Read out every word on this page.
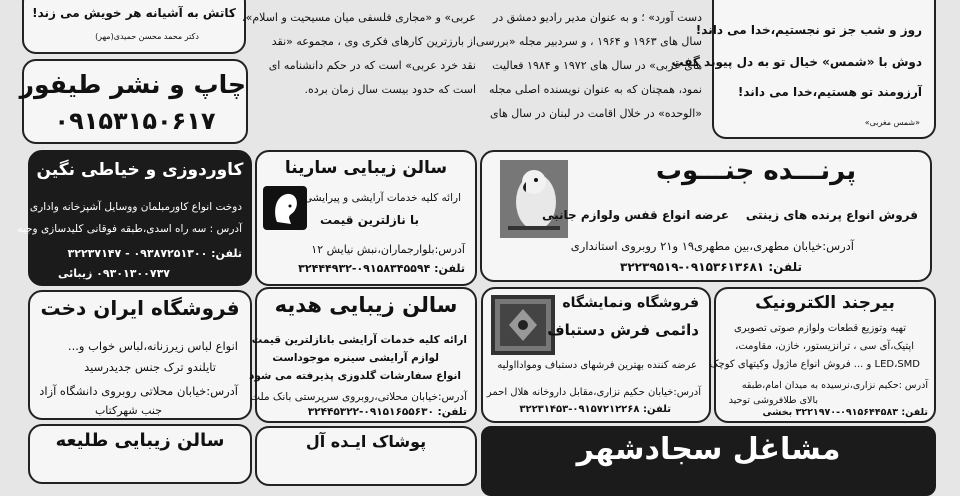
کاتش به آشیانه هر خویش می زند!
دکتر محمد محسن حمیدی(مهر)
چاپ و نشر طیفور
۰۹۱۵۳۱۵۰۶۱۷
عربی» و «مجاری فلسفی میان مسیحیت و اسلام»،
از بارزترین کارهای فکری وی ، مجموعه «نقد
نقد خرد عربی» است که در حکم دانشنامه ای
است که حدود بیست سال زمان برده.
دست آورد» ؛ و به عنوان مدیر رادیو دمشق در
سال های ۱۹۶۳ و ۱۹۶۴ ، و سردبیر مجله «بررسی
های عربی» در سال های ۱۹۷۲ و ۱۹۸۴ فعالیت
نمود، همچنان که به عنوان نویسنده اصلی مجله
«الوحده» در خلال اقامت در لبنان در سال های
روز و شب جز تو نجستیم،خدا می داند!
دوش با «شمس» خیال تو به دل پیوند گفت
آرزومند تو هستیم،خدا می داند!
«شمس مغربی»
کاوردوزی و خیاطی نگین
دوخت انواع کاورمبلمان ووسایل آشپزخانه واداری
آدرس : سه راه اسدی،طبقه فوقانی کلیدسازی وجیه
تلفن: ۰۹۳۸۷۲۵۱۳۰۰ - ۳۲۲۳۷۱۴۷
۰۹۳۰۱۳۰۰۷۳۷ زیبائی
سالن زیبایی سارینا
ارائه کلیه خدمات آرایشی و پیرایشی
با نازلترین قیمت
آدرس:بلوارجماران،نبش نیایش ۱۲
تلفن: ۰۹۱۵۸۳۴۵۵۹۴-۳۲۴۴۴۹۳۲
پرنـــده جنـــوب
فروش انواع پرنده های زینتی    عرضه انواع قفس ولوازم جانبی
آدرس:خیابان مطهری،بین مطهری۱۹ و۲۱ روبروی استانداری
تلفن: ۰۹۱۵۳۶۱۳۶۸۱-۳۲۲۳۹۵۱۹
فروشگاه ایران دخت
انواع لباس زیرزنانه،لباس خواب و...
تایلندو ترک جنس جدیدرسید
آدرس:خیابان محلاتی روبروی دانشگاه آزاد
جنب شهرکتاب
سالن زیبایی هدیه
ارائه کلیه خدمات آرایشی بانازلترین قیمت
لوازم آرایشی سینره موجوداست
انواع سفارشات گلدوزی پذیرفته می شود
آدرس:خیابان محلاتی،روبروی سرپرستی بانک ملت
تلفن: ۰۹۱۵۱۶۵۵۶۳۰-۳۲۴۴۵۳۲۲
فروشگاه ونمایشگاه
دائمی فرش دستباف
عرضه کننده بهترین فرشهای دستباف وموادااولیه
آدرس:خیابان حکیم نزاری،مقابل داروخانه هلال احمر
تلفن: ۰۹۱۵۷۲۱۲۲۶۸-۳۲۲۳۱۴۵۳
بیرجند الکترونیک
تهیه وتوزیع قطعات ولوازم صوتی تصویری
اپتیک،آی سی ، ترانزیستور، خازن، مقاومت،
LED،SMD و ... فروش انواع ماژول وکیتهای کوچک
آدرس :حکیم نزاری،نرسیده به میدان امام،طبقه
بالای طلافروشی توحید
تلفن: ۰۹۱۵۶۴۴۵۸۳-۳۲۲۱۹۷۰ بخشی
سالن زیبایی طلیعه	پوشاک ایـده آل	مشاغل سجادشهر
